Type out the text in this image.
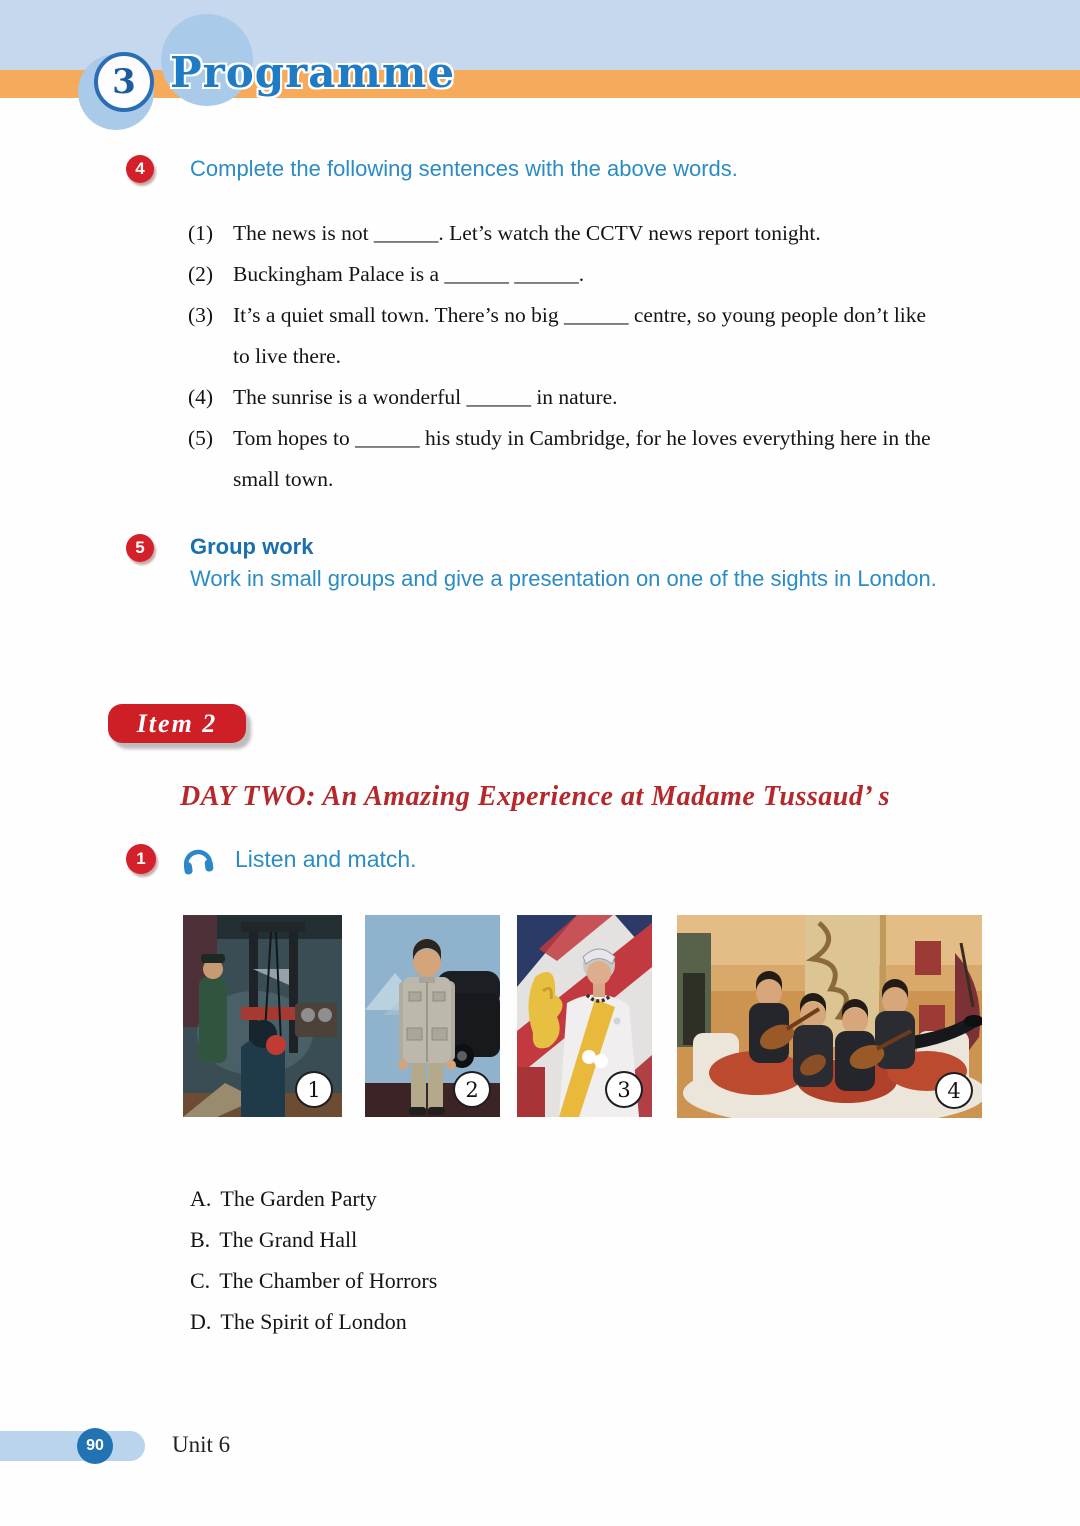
3 Programme
4 Complete the following sentences with the above words.
(1) The news is not ______. Let’s watch the CCTV news report tonight.
(2) Buckingham Palace is a ______ ______.
(3) It’s a quiet small town. There’s no big ______ centre, so young people don’t like to live there.
(4) The sunrise is a wonderful ______ in nature.
(5) Tom hopes to ______ his study in Cambridge, for he loves everything here in the small town.
5 Group work
Work in small groups and give a presentation on one of the sights in London.
Item 2
DAY TWO: An Amazing Experience at Madame Tussaud’ s
1	Listen and match.
1	2	3	4
A. The Garden Party
B. The Grand Hall
C. The Chamber of Horrors
D. The Spirit of London
90	Unit 6
